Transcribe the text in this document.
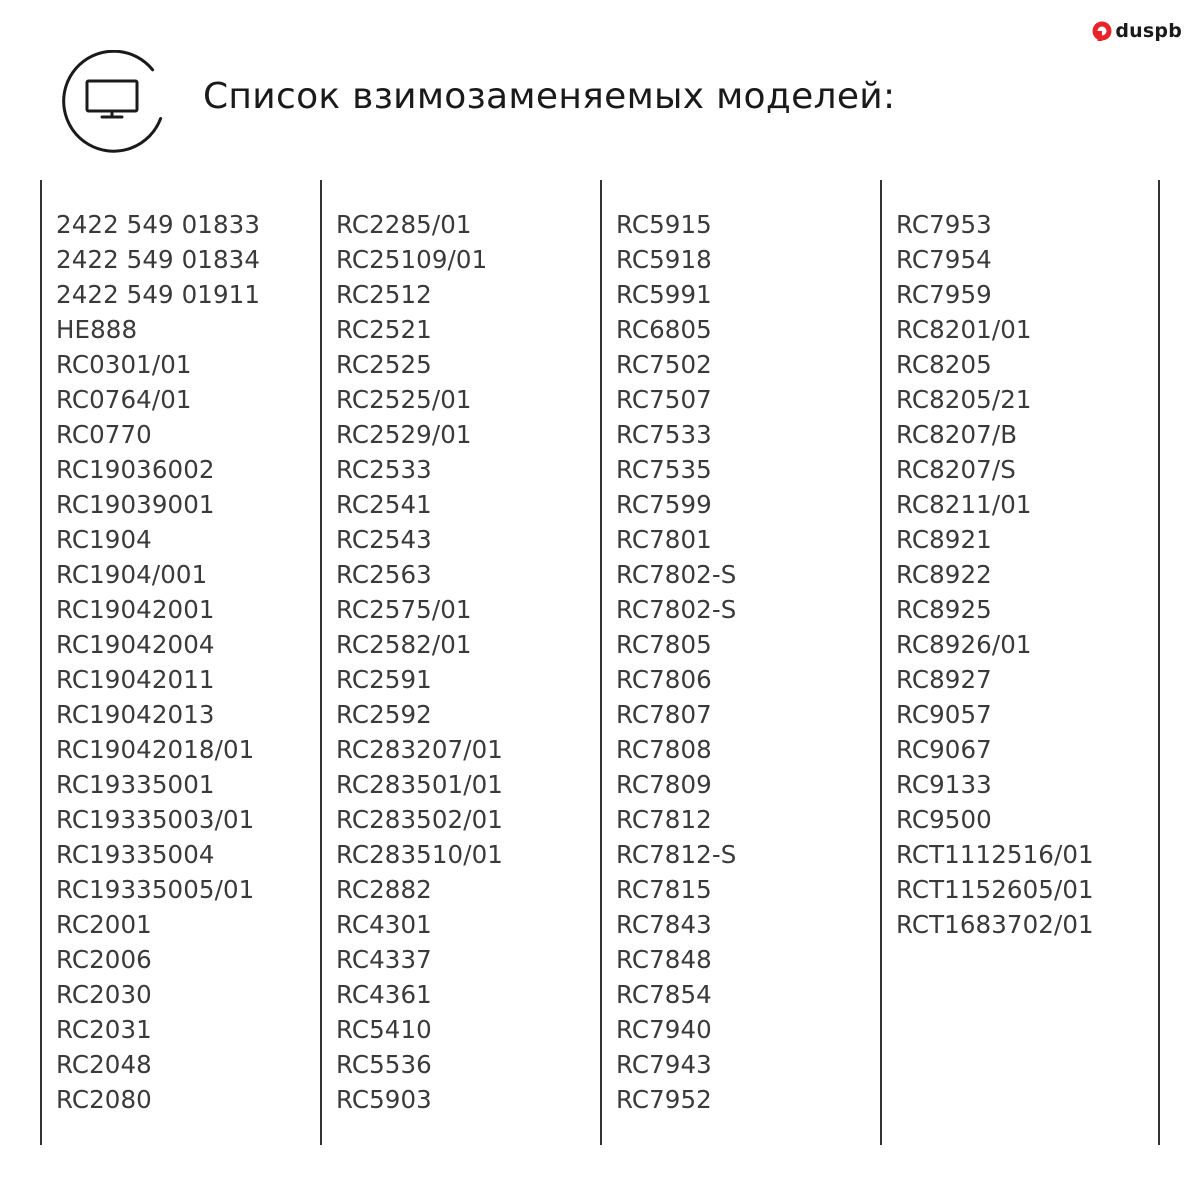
duspb
Список взимозаменяемых моделей:
2422 549 01833
2422 549 01834
2422 549 01911
HE888
RC0301/01
RC0764/01
RC0770
RC19036002
RC19039001
RC1904
RC1904/001
RC19042001
RC19042004
RC19042011
RC19042013
RC19042018/01
RC19335001
RC19335003/01
RC19335004
RC19335005/01
RC2001
RC2006
RC2030
RC2031
RC2048
RC2080
RC2285/01
RC25109/01
RC2512
RC2521
RC2525
RC2525/01
RC2529/01
RC2533
RC2541
RC2543
RC2563
RC2575/01
RC2582/01
RC2591
RC2592
RC283207/01
RC283501/01
RC283502/01
RC283510/01
RC2882
RC4301
RC4337
RC4361
RC5410
RC5536
RC5903
RC5915
RC5918
RC5991
RC6805
RC7502
RC7507
RC7533
RC7535
RC7599
RC7801
RC7802-S
RC7802-S
RC7805
RC7806
RC7807
RC7808
RC7809
RC7812
RC7812-S
RC7815
RC7843
RC7848
RC7854
RC7940
RC7943
RC7952
RC7953
RC7954
RC7959
RC8201/01
RC8205
RC8205/21
RC8207/B
RC8207/S
RC8211/01
RC8921
RC8922
RC8925
RC8926/01
RC8927
RC9057
RC9067
RC9133
RC9500
RCT1112516/01
RCT1152605/01
RCT1683702/01
